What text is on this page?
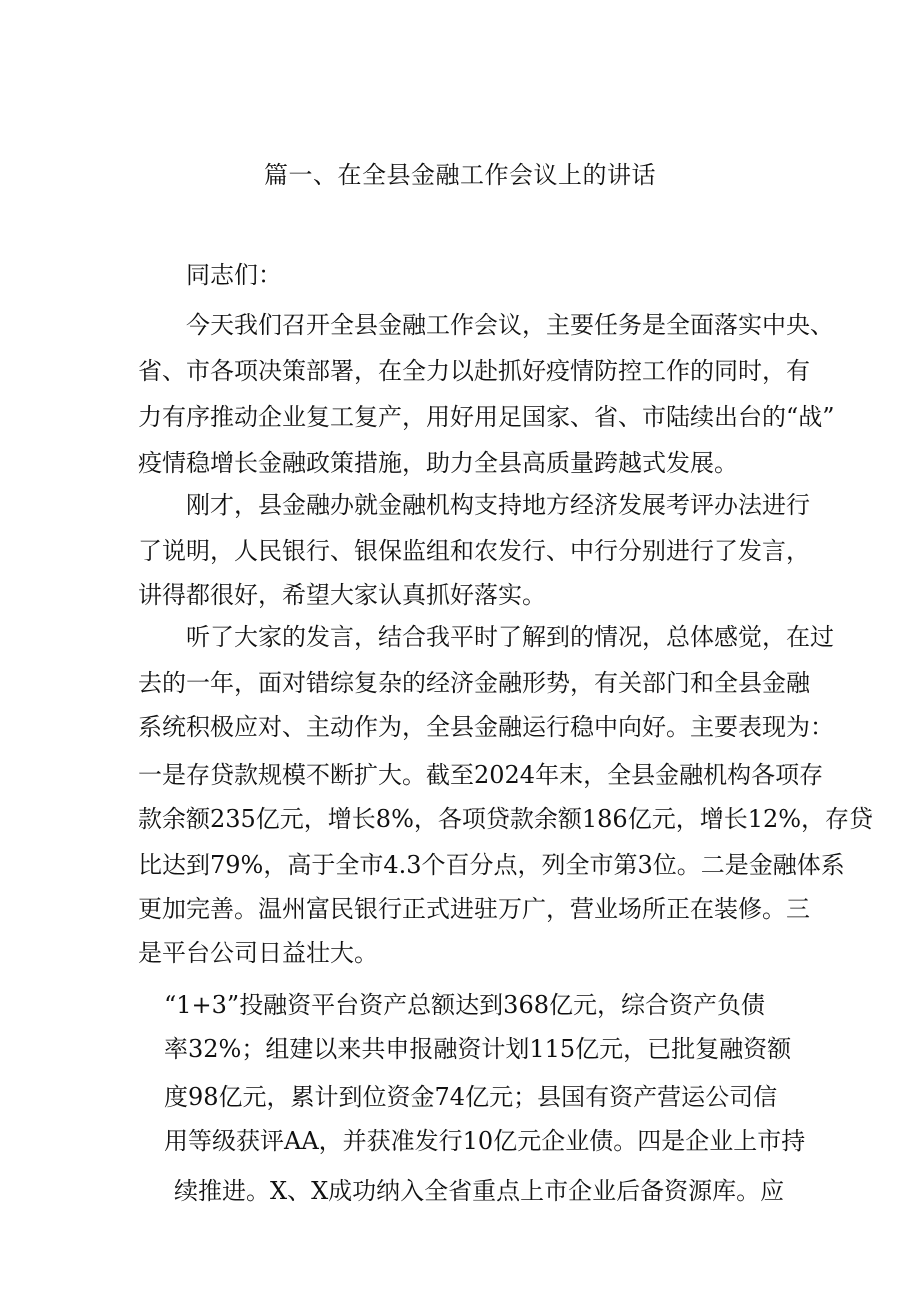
篇一、在全县金融工作会议上的讲话
同志们：
今天我们召开全县金融工作会议，主要任务是全面落实中央、
省、市各项决策部署，在全力以赴抓好疫情防控工作的同时，有
力有序推动企业复工复产，用好用足国家、省、市陆续出台的“战”
疫情稳增长金融政策措施，助力全县高质量跨越式发展。
刚才，县金融办就金融机构支持地方经济发展考评办法进行
了说明，人民银行、银保监组和农发行、中行分别进行了发言，
讲得都很好，希望大家认真抓好落实。
听了大家的发言，结合我平时了解到的情况，总体感觉，在过
去的一年，面对错综复杂的经济金融形势，有关部门和全县金融
系统积极应对、主动作为，全县金融运行稳中向好。主要表现为：
一是存贷款规模不断扩大。截至2024年末，全县金融机构各项存
款余额235亿元，增长8%，各项贷款余额186亿元，增长12%，存贷
比达到79%，高于全市4.3个百分点，列全市第3位。二是金融体系
更加完善。温州富民银行正式进驻万广，营业场所正在装修。三
是平台公司日益壮大。
“1+3”投融资平台资产总额达到368亿元，综合资产负债
率32%；组建以来共申报融资计划115亿元，已批复融资额
度98亿元，累计到位资金74亿元；县国有资产营运公司信
用等级获评AA，并获准发行10亿元企业债。四是企业上市持
续推进。X、X成功纳入全省重点上市企业后备资源库。应
